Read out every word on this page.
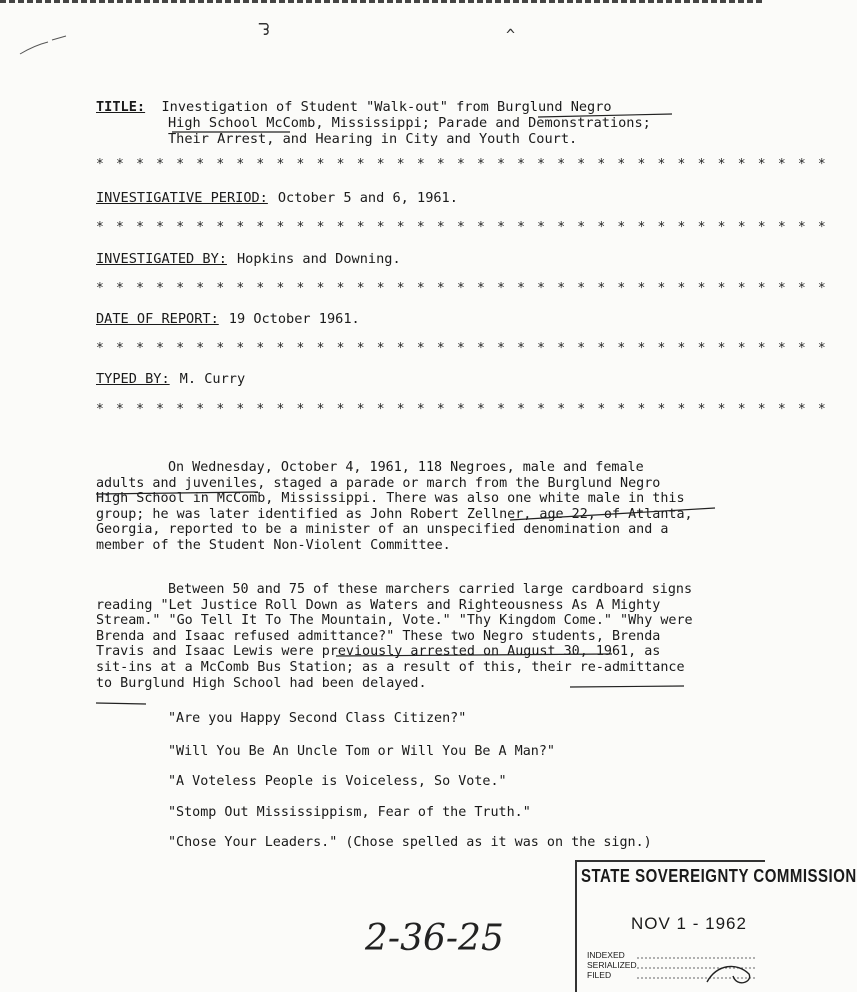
ᘊ	^
TITLE: Investigation of Student "Walk-out" from Burglund Negro
High School McComb, Mississippi; Parade and Demonstrations;
Their Arrest, and Hearing in City and Youth Court.
* * * * * * * * * * * * * * * * * * * * * * * * * * * * * * * * * * * * *
INVESTIGATIVE PERIOD: October 5 and 6, 1961.
* * * * * * * * * * * * * * * * * * * * * * * * * * * * * * * * * * * * *
INVESTIGATED BY: Hopkins and Downing.
* * * * * * * * * * * * * * * * * * * * * * * * * * * * * * * * * * * * *
DATE OF REPORT: 19 October 1961.
* * * * * * * * * * * * * * * * * * * * * * * * * * * * * * * * * * * * *
TYPED BY: M. Curry
* * * * * * * * * * * * * * * * * * * * * * * * * * * * * * * * * * * * *

On Wednesday, October 4, 1961, 118 Negroes, male and female adults and juveniles, staged a parade or march from the Burglund Negro High School in McComb, Mississippi. There was also one white male in this group; he was later identified as John Robert Zellner, age 22, of Atlanta, Georgia, reported to be a minister of an unspecified denomination and a member of the Student Non-Violent Committee.

Between 50 and 75 of these marchers carried large cardboard signs reading "Let Justice Roll Down as Waters and Righteousness As A Mighty Stream." "Go Tell It To The Mountain, Vote." "Thy Kingdom Come." "Why were Brenda and Isaac refused admittance?" These two Negro students, Brenda Travis and Isaac Lewis were previously arrested on August 30, 1961, as sit-ins at a McComb Bus Station; as a result of this, their re-admittance to Burglund High School had been delayed.

"Are you Happy Second Class Citizen?"
"Will You Be An Uncle Tom or Will You Be A Man?"
"A Voteless People is Voiceless, So Vote."
"Stomp Out Mississippism, Fear of the Truth."
"Chose Your Leaders." (Chose spelled as it was on the sign.)
STATE SOVEREIGNTY COMMISSION
NOV 1 - 1962
INDEXED
SERIALIZED
FILED
2-36-25
